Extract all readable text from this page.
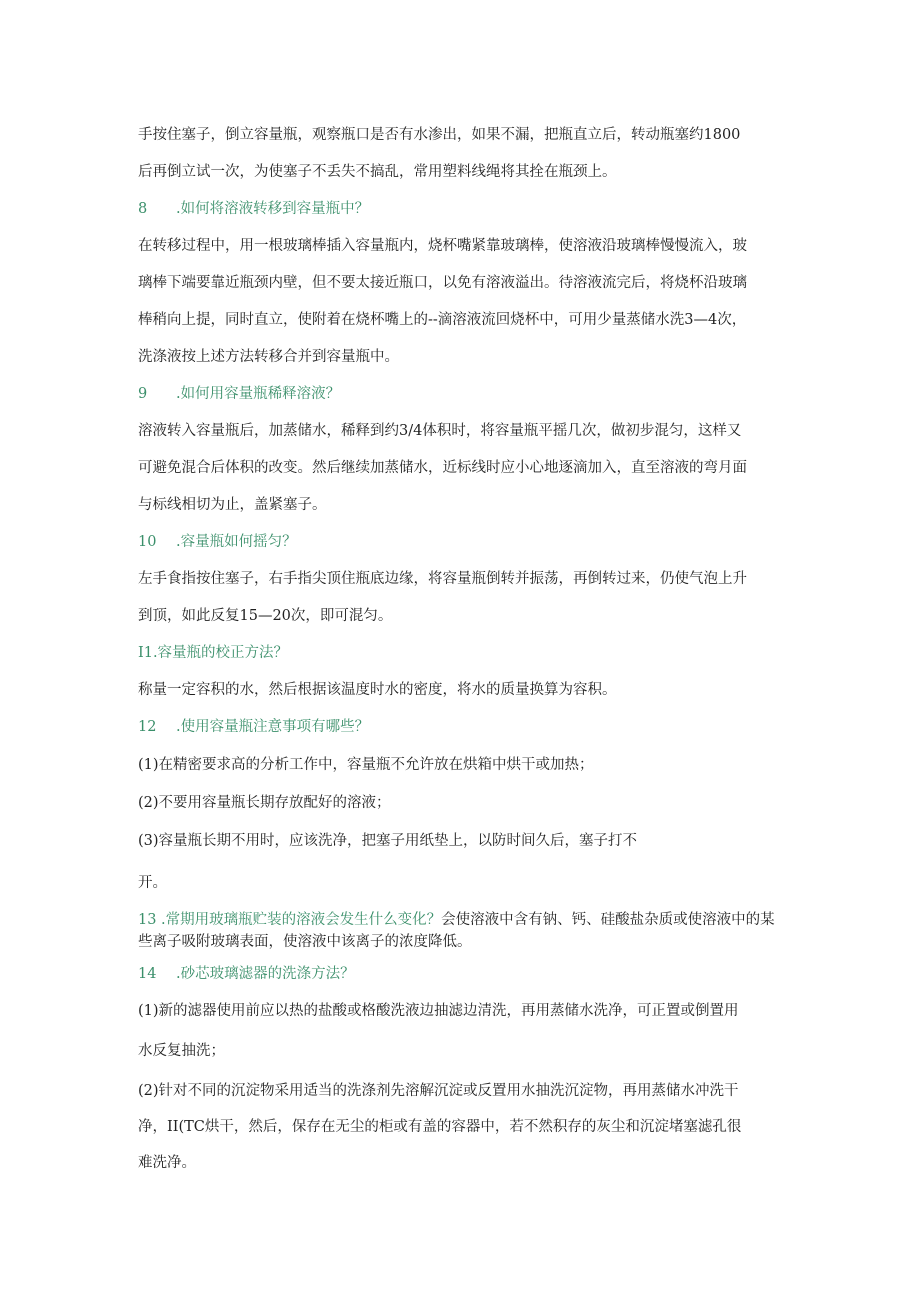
手按住塞子，倒立容量瓶，观察瓶口是否有水渗出，如果不漏，把瓶直立后，转动瓶塞约1800
后再倒立试一次，为使塞子不丢失不搞乱，常用塑料线绳将其拴在瓶颈上。
8 .如何将溶液转移到容量瓶中？
在转移过程中，用一根玻璃棒插入容量瓶内，烧杯嘴紧靠玻璃棒，使溶液沿玻璃棒慢慢流入，玻
璃棒下端要靠近瓶颈内壁，但不要太接近瓶口，以免有溶液溢出。待溶液流完后，将烧杯沿玻璃
棒稍向上提，同时直立，使附着在烧杯嘴上的--滴溶液流回烧杯中，可用少量蒸储水洗3—4次，
洗涤液按上述方法转移合并到容量瓶中。
9 .如何用容量瓶稀释溶液？
溶液转入容量瓶后，加蒸储水，稀释到约3/4体积时，将容量瓶平摇几次，做初步混匀，这样又
可避免混合后体积的改变。然后继续加蒸储水，近标线时应小心地逐滴加入，直至溶液的弯月面
与标线相切为止，盖紧塞子。
10 .容量瓶如何摇匀？
左手食指按住塞子，右手指尖顶住瓶底边缘，将容量瓶倒转并振荡，再倒转过来，仍使气泡上升
到顶，如此反复15—20次，即可混匀。
I1.容量瓶的校正方法？
称量一定容积的水，然后根据该温度时水的密度，将水的质量换算为容积。
12 .使用容量瓶注意事项有哪些？
(1)在精密要求高的分析工作中，容量瓶不允许放在烘箱中烘干或加热；
(2)不要用容量瓶长期存放配好的溶液；
(3)容量瓶长期不用时，应该洗净，把塞子用纸垫上，以防时间久后，塞子打不
开。
13 .常期用玻璃瓶贮装的溶液会发生什么变化？会使溶液中含有钠、钙、硅酸盐杂质或使溶液中的某些离子吸附玻璃表面，使溶液中该离子的浓度降低。
14 .砂芯玻璃滤器的洗涤方法？
(1)新的滤器使用前应以热的盐酸或格酸洗液边抽滤边清洗，再用蒸储水洗净，可正置或倒置用
水反复抽洗；
(2)针对不同的沉淀物采用适当的洗涤剂先溶解沉淀或反置用水抽洗沉淀物，再用蒸储水冲洗干
净，II(TC烘干，然后，保存在无尘的柜或有盖的容器中，若不然积存的灰尘和沉淀堵塞滤孔很
难洗净。
